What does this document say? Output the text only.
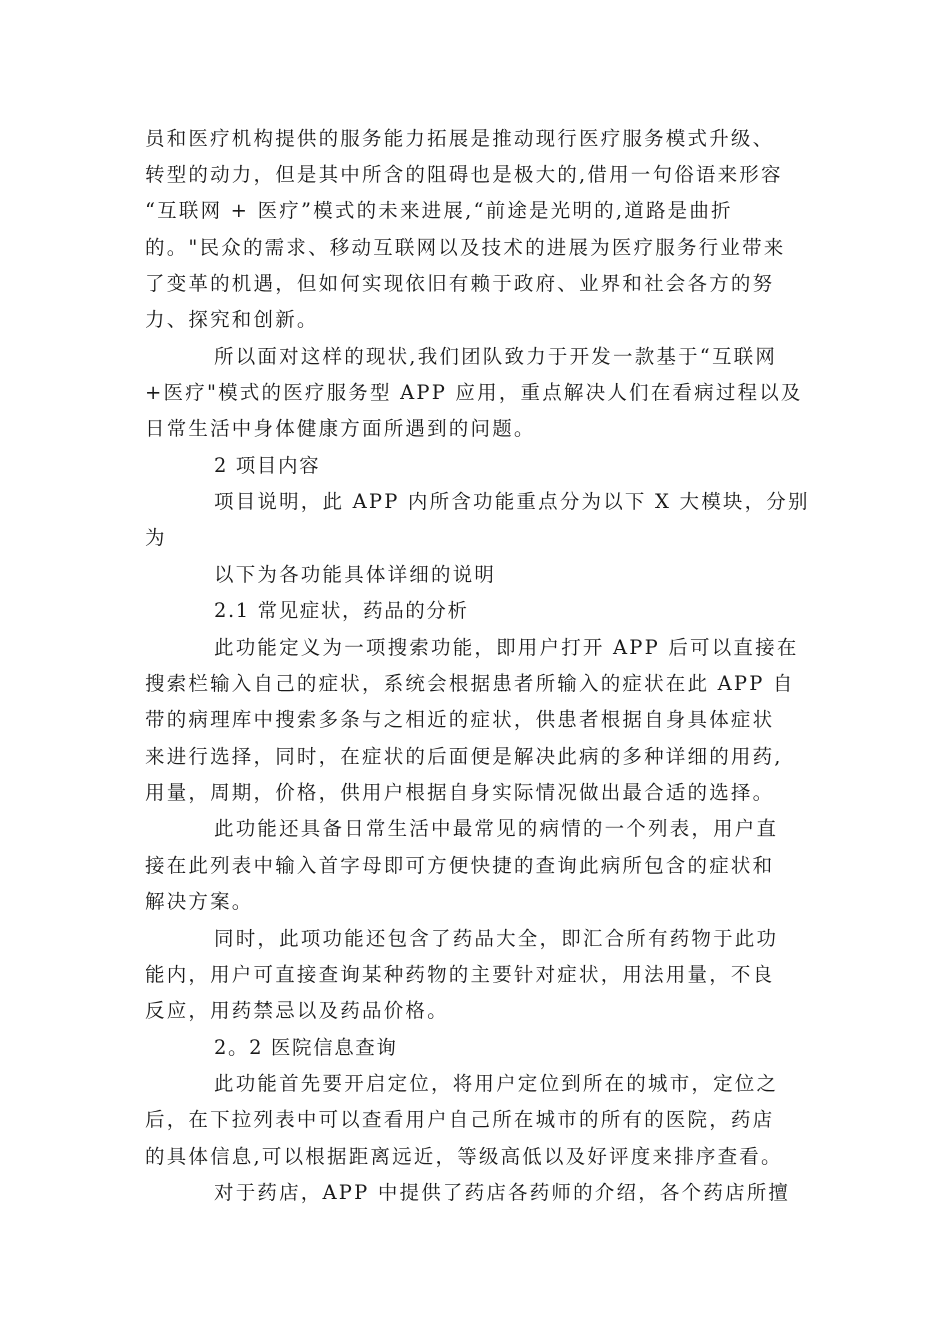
员和医疗机构提供的服务能力拓展是推动现行医疗服务模式升级、
转型的动力，但是其中所含的阻碍也是极大的,借用一句俗语来形容
“互联网 + 医疗”模式的未来进展,“前途是光明的,道路是曲折
的。"民众的需求、移动互联网以及技术的进展为医疗服务行业带来
了变革的机遇，但如何实现依旧有赖于政府、业界和社会各方的努
力、探究和创新。
所以面对这样的现状,我们团队致力于开发一款基于“互联网
+医疗"模式的医疗服务型 APP 应用，重点解决人们在看病过程以及
日常生活中身体健康方面所遇到的问题。
2 项目内容
项目说明，此 APP 内所含功能重点分为以下 X 大模块，分别
为
以下为各功能具体详细的说明
2.1 常见症状，药品的分析
此功能定义为一项搜索功能，即用户打开 APP 后可以直接在
搜索栏输入自己的症状，系统会根据患者所输入的症状在此 APP 自
带的病理库中搜索多条与之相近的症状，供患者根据自身具体症状
来进行选择，同时，在症状的后面便是解决此病的多种详细的用药,
用量，周期，价格，供用户根据自身实际情况做出最合适的选择。
此功能还具备日常生活中最常见的病情的一个列表，用户直
接在此列表中输入首字母即可方便快捷的查询此病所包含的症状和
解决方案。
同时，此项功能还包含了药品大全，即汇合所有药物于此功
能内，用户可直接查询某种药物的主要针对症状，用法用量，不良
反应，用药禁忌以及药品价格。
2。2 医院信息查询
此功能首先要开启定位，将用户定位到所在的城市，定位之
后，在下拉列表中可以查看用户自己所在城市的所有的医院，药店
的具体信息,可以根据距离远近，等级高低以及好评度来排序查看。
对于药店，APP 中提供了药店各药师的介绍，各个药店所擅
